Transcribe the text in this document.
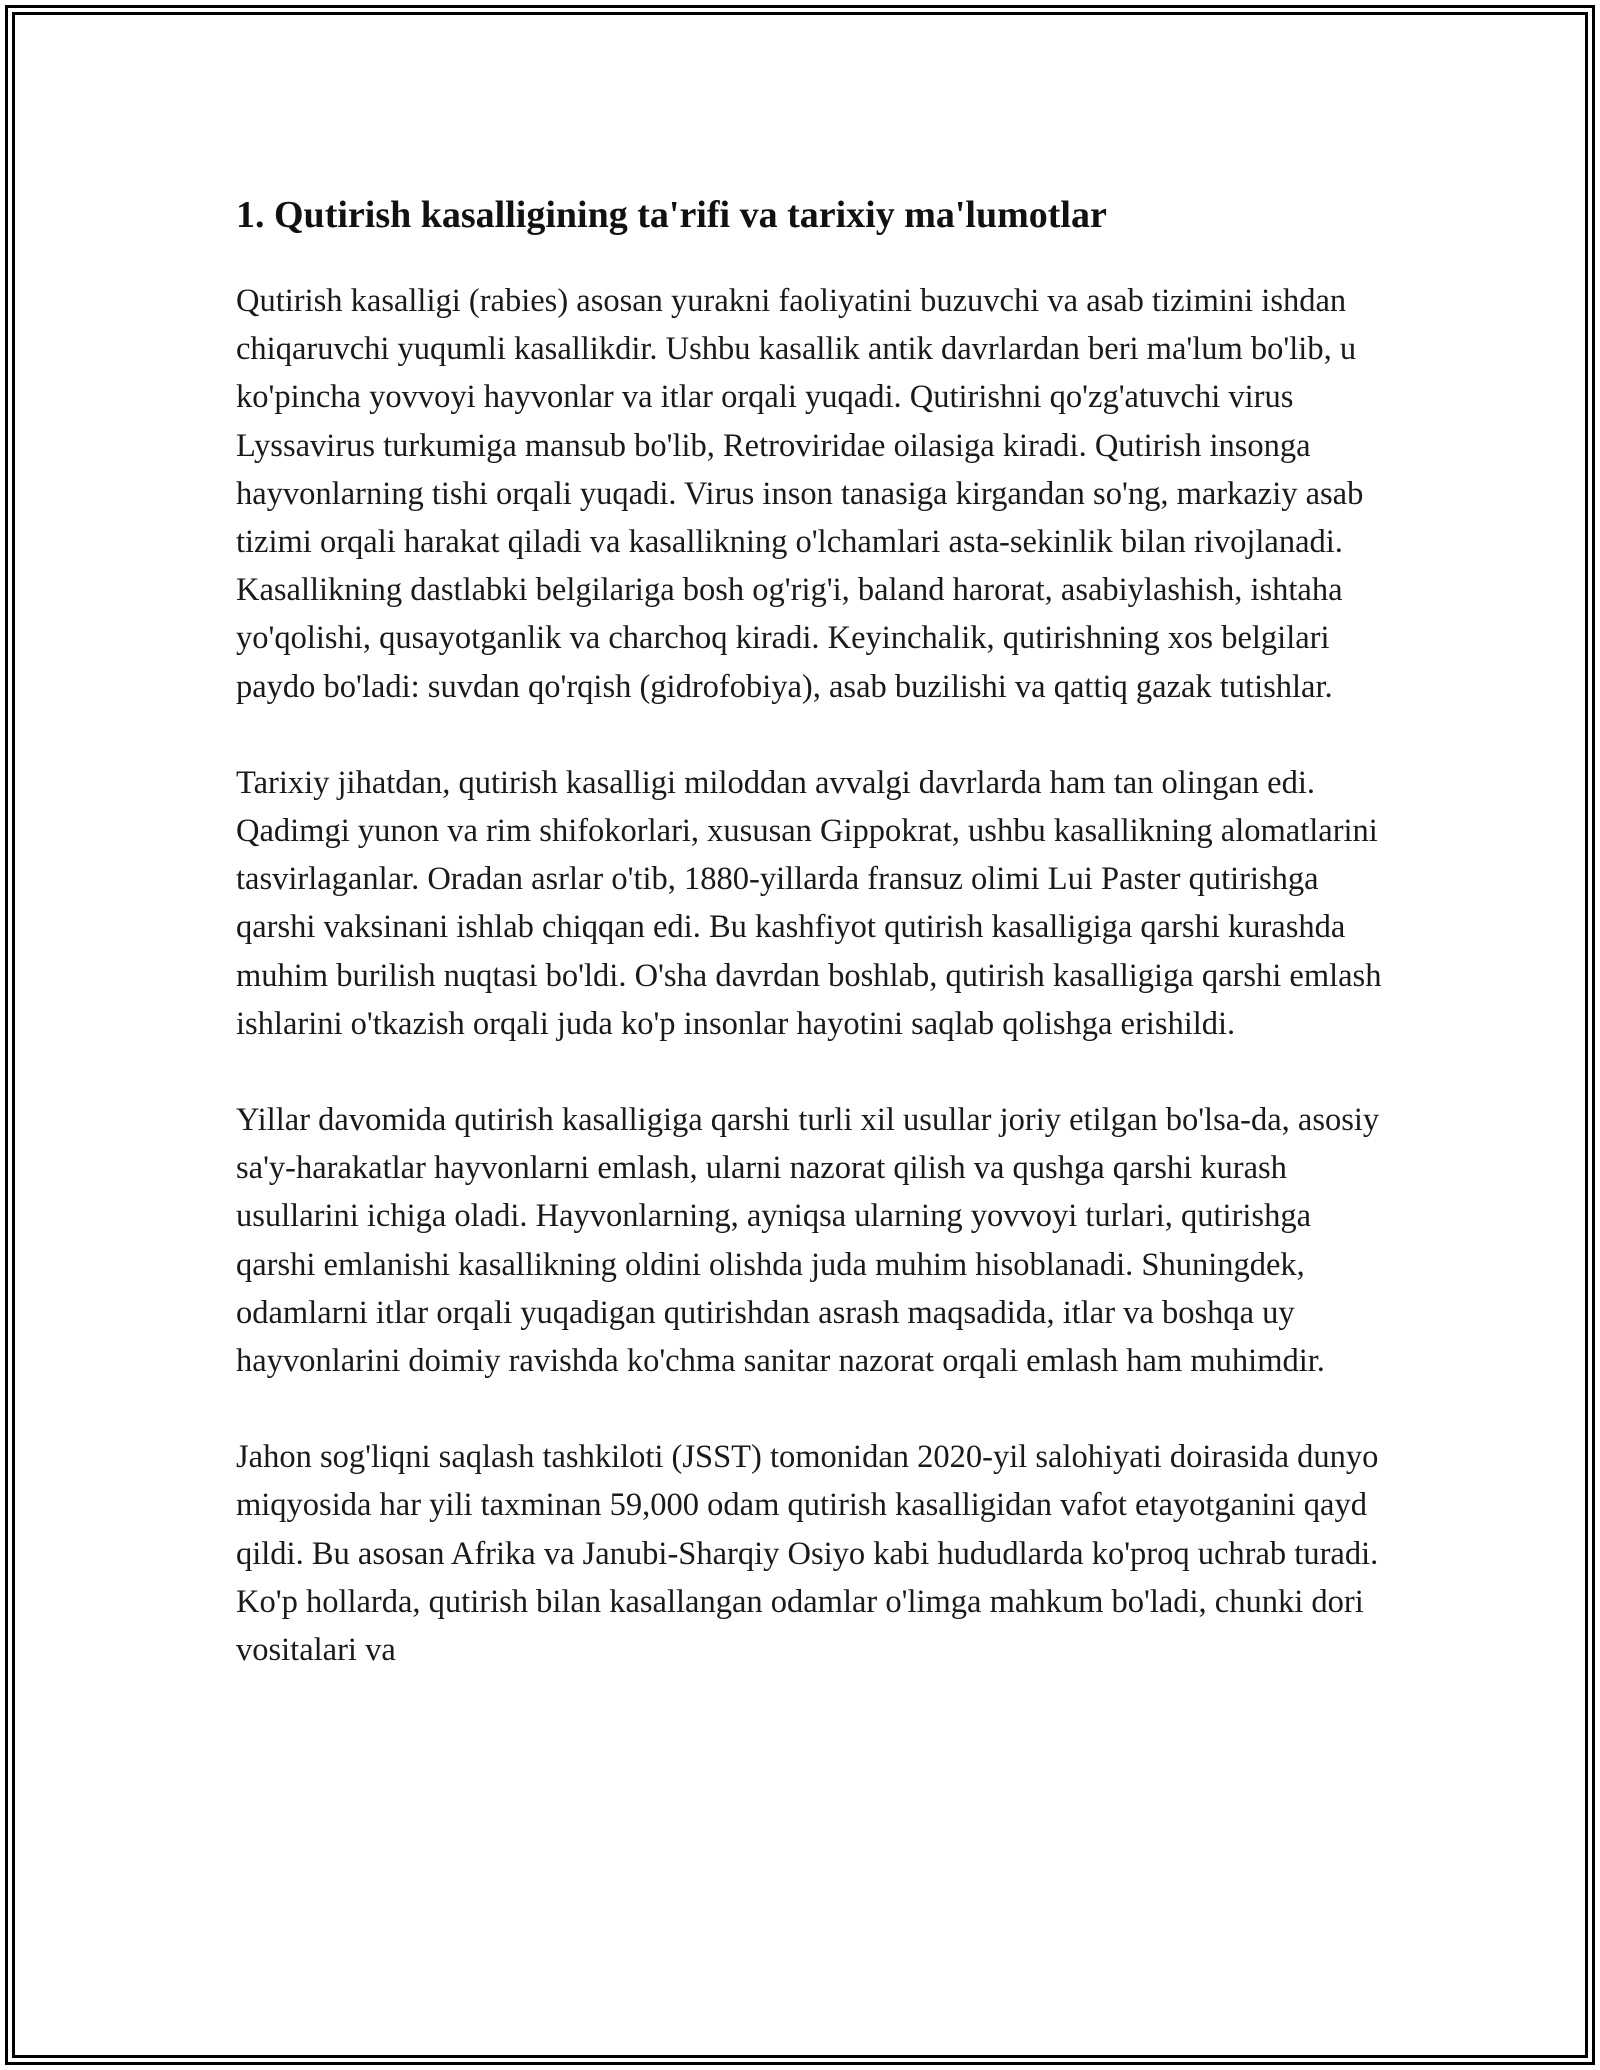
1. Qutirish kasalligining ta'rifi va tarixiy ma'lumotlar

Qutirish kasalligi (rabies) asosan yurakni faoliyatini buzuvchi va asab tizimini ishdan chiqaruvchi yuqumli kasallikdir. Ushbu kasallik antik davrlardan beri ma'lum bo'lib, u ko'pincha yovvoyi hayvonlar va itlar orqali yuqadi. Qutirishni qo'zg'atuvchi virus Lyssavirus turkumiga mansub bo'lib, Retroviridae oilasiga kiradi. Qutirish insonga hayvonlarning tishi orqali yuqadi. Virus inson tanasiga kirgandan so'ng, markaziy asab tizimi orqali harakat qiladi va kasallikning o'lchamlari asta-sekinlik bilan rivojlanadi. Kasallikning dastlabki belgilariga bosh og'rig'i, baland harorat, asabiylashish, ishtaha yo'qolishi, qusayotganlik va charchoq kiradi. Keyinchalik, qutirishning xos belgilari paydo bo'ladi: suvdan qo'rqish (gidrofobiya), asab buzilishi va qattiq gazak tutishlar.

Tarixiy jihatdan, qutirish kasalligi miloddan avvalgi davrlarda ham tan olingan edi. Qadimgi yunon va rim shifokorlari, xususan Gippokrat, ushbu kasallikning alomatlarini tasvirlaganlar. Oradan asrlar o'tib, 1880-yillarda fransuz olimi Lui Paster qutirishga qarshi vaksinani ishlab chiqqan edi. Bu kashfiyot qutirish kasalligiga qarshi kurashda muhim burilish nuqtasi bo'ldi. O'sha davrdan boshlab, qutirish kasalligiga qarshi emlash ishlarini o'tkazish orqali juda ko'p insonlar hayotini saqlab qolishga erishildi.

Yillar davomida qutirish kasalligiga qarshi turli xil usullar joriy etilgan bo'lsa-da, asosiy sa'y-harakatlar hayvonlarni emlash, ularni nazorat qilish va qushga qarshi kurash usullarini ichiga oladi. Hayvonlarning, ayniqsa ularning yovvoyi turlari, qutirishga qarshi emlanishi kasallikning oldini olishda juda muhim hisoblanadi. Shuningdek, odamlarni itlar orqali yuqadigan qutirishdan asrash maqsadida, itlar va boshqa uy hayvonlarini doimiy ravishda ko'chma sanitar nazorat orqali emlash ham muhimdir.

Jahon sog'liqni saqlash tashkiloti (JSST) tomonidan 2020-yil salohiyati doirasida dunyo miqyosida har yili taxminan 59,000 odam qutirish kasalligidan vafot etayotganini qayd qildi. Bu asosan Afrika va Janubi-Sharqiy Osiyo kabi hududlarda ko'proq uchrab turadi. Ko'p hollarda, qutirish bilan kasallangan odamlar o'limga mahkum bo'ladi, chunki dori vositalari va
